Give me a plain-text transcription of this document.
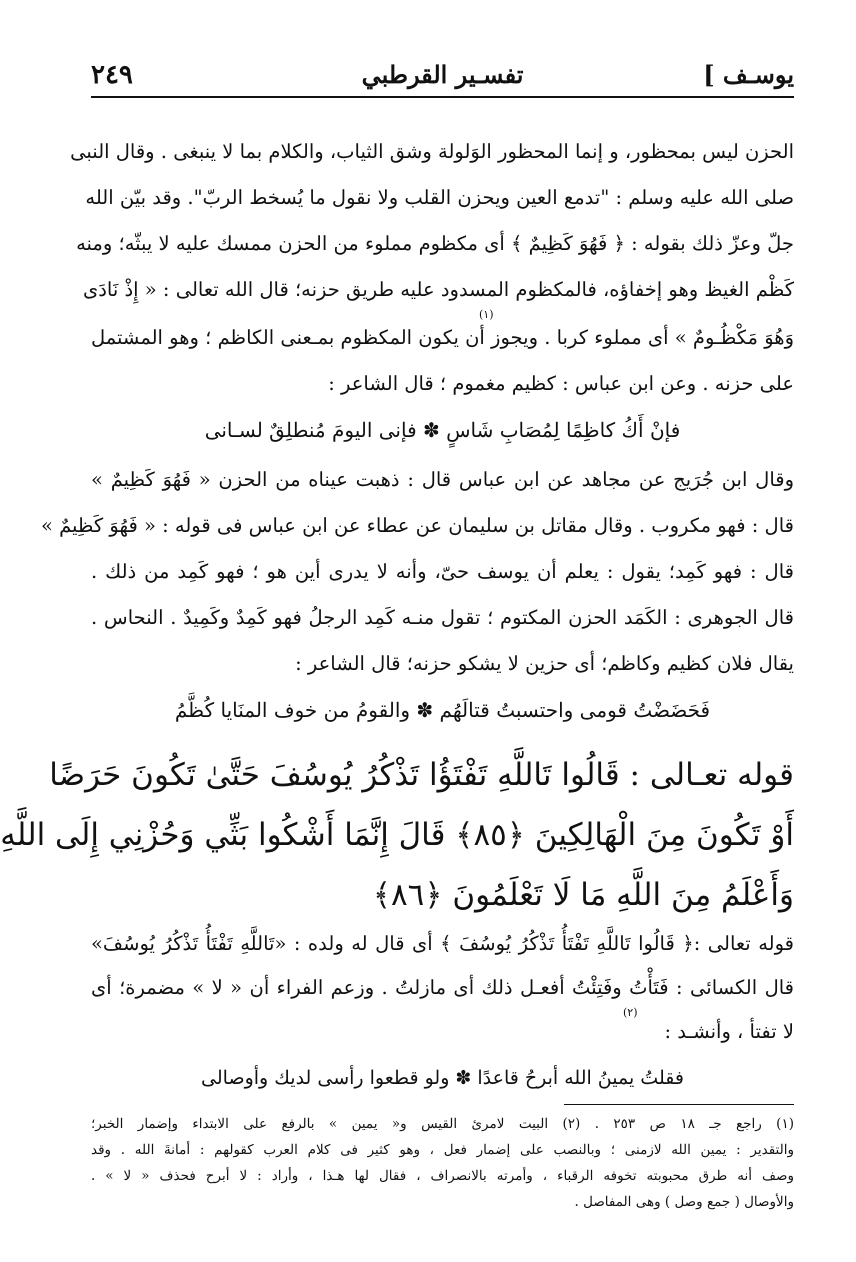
٢٤٩	تفسـير القرطبي	يوسـف ]
الحزن ليس بمحظور، و إنما المحظور الوَلولة وشق الثياب، والكلام بما لا ينبغى . وقال النبى
صلى الله عليه وسلم : "تدمع العين ويحزن القلب ولا نقول ما يُسخط الربّ". وقد بيّن الله
جلّ وعزّ ذلك بقوله : ﴿ فَهُوَ كَظِيمٌ ﴾ أى مكظوم مملوء من الحزن ممسك عليه لا يبثّه؛ ومنه
كَظْم الغيظ وهو إخفاؤه، فالمكظوم المسدود عليه طريق حزنه؛ قال الله تعالى : « إِذْ نَادَى
وَهُوَ مَكْظُـومٌ » أى مملوء كربا . ويجوز أن يكون المكظوم بمـعنى الكاظم ؛ وهو المشتمل
(١)
على حزنه . وعن ابن عباس : كظيم مغموم ؛ قال الشاعر :
فإنْ أَكُ كاظِمًا لِمُصَابِ شَاسٍ ✽ فإنى اليومَ مُنطلِقٌ لسـانى
وقال ابن جُرَيج عن مجاهد عن ابن عباس قال : ذهبت عيناه من الحزن « فَهُوَ كَظِيمٌ »
قال : فهو مكروب . وقال مقاتل بن سليمان عن عطاء عن ابن عباس فى قوله : « فَهُوَ كَظِيمٌ »
قال : فهو كَمِد؛ يقول : يعلم أن يوسف حىّ، وأنه لا يدرى أين هو ؛ فهو كَمِد من ذلك .
قال الجوهرى : الكَمَد الحزن المكتوم ؛ تقول منـه كَمِد الرجلُ فهو كَمِدٌ وكَمِيدٌ . النحاس .
يقال فلان كظيم وكاظم؛ أى حزين لا يشكو حزنه؛ قال الشاعر :
فَحَضَضْتُ قومى واحتسبتُ قتالَهُم ✽ والقومُ من خوف المنَايا كُظَّمُ
قوله تعـالى : قَالُوا تَاللَّهِ تَفْتَؤُا تَذْكُرُ يُوسُفَ حَتَّىٰ تَكُونَ حَرَضًا
أَوْ تَكُونَ مِنَ الْهَالِكِينَ ﴿٨٥﴾ قَالَ إِنَّمَا أَشْكُوا بَثِّي وَحُزْنِي إِلَى اللَّهِ
وَأَعْلَمُ مِنَ اللَّهِ مَا لَا تَعْلَمُونَ ﴿٨٦﴾
قوله تعالى :﴿ قَالُوا تَاللَّهِ تَفْتَأُ تَذْكُرُ يُوسُفَ ﴾ أى قال له ولده : «تَاللَّهِ تَفْتَأُ تَذْكُرُ يُوسُفَ»
قال الكسائى : فَتَأْتُ وفَتِئْتُ أفعـل ذلك أى مازلتُ . وزعم الفراء أن « لا » مضمرة؛ أى
(٢)
لا تفتأ ، وأنشـد :
فقلتُ يمينُ الله أبرحُ قاعدًا ✽ ولو قطعوا رأسى لديك وأوصالى
(١) راجع جـ ١٨ ص ٢٥٣ . (٢) البيت لامرئ القيس و« يمين » بالرفع على الابتداء وإضمار الخبر؛
والتقدير : يمين الله لازمنى ؛ وبالنصب على إضمار فعل ، وهو كثير فى كلام العرب كقولهم : أمانةَ الله . وقد
وصف أنه طرق محبوبته تخوفه الرقباء ، وأمرته بالانصراف ، فقال لها هـذا ، وأراد : لا أبرح فحذف « لا » .
والأوصال ( جمع وصل ) وهى المفاصل .
